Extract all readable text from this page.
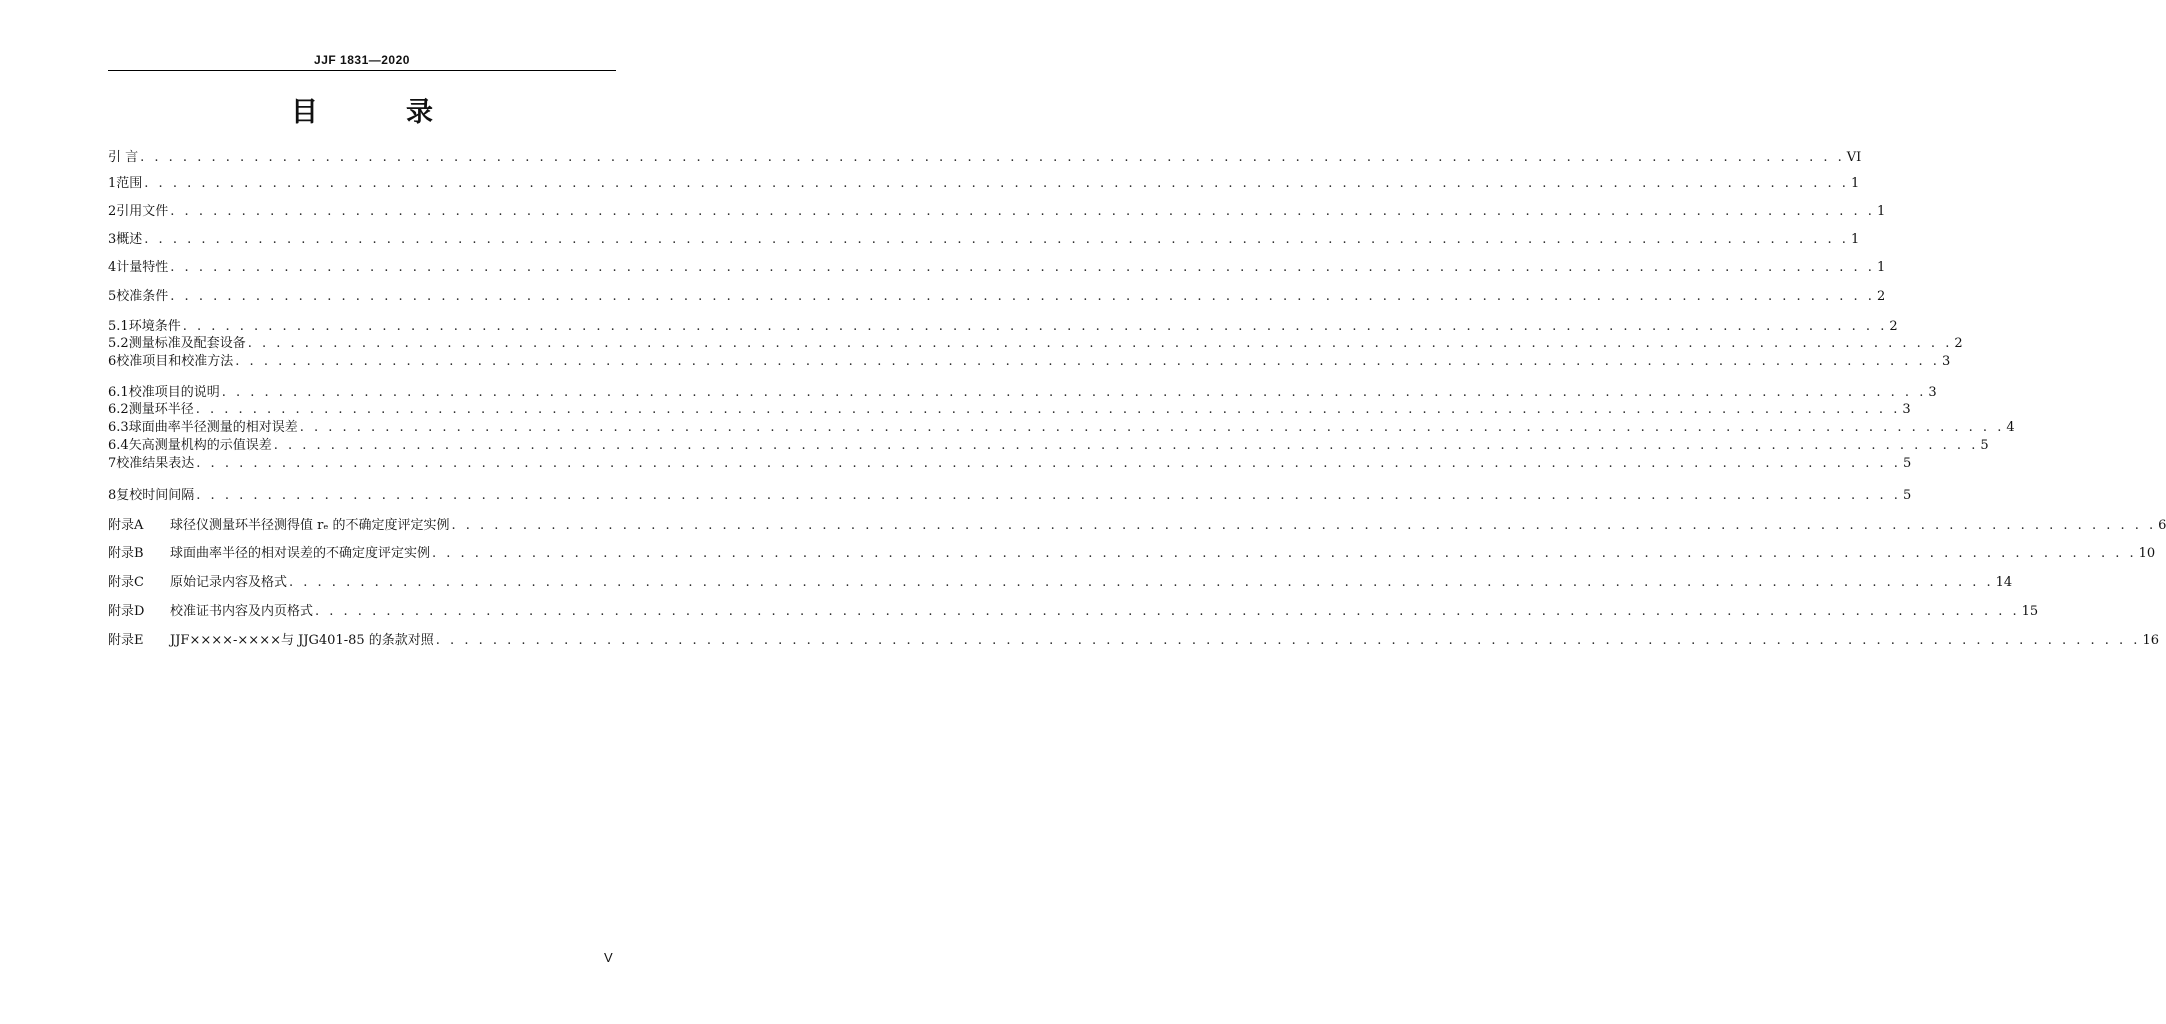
JJF 1831—2020
目	录
引 言 . . . . . . . . . . . . . . . . . . . . . . . . . . . . . . . . . . . . . . . . . . . . . . . . . . . . . . . . . . . . . . . . . . . . . . . . . . . . . . . . . . . . . . . . . . . . . . . . . . . . . . . . . . . . . . . . . . . . . . . . VI
1 范围 . . . . . . . . . . . . . . . . . . . . . . . . . . . . . . . . . . . . . . . . . . . . . . . . . . . . . . . . . . . . . . . . . . . . . . . . . . . . . . . . . . . . . . . . . . . . . . . . . . . . . . . . . . . . . . . . . . . . . . . . 1
2 引用文件 . . . . . . . . . . . . . . . . . . . . . . . . . . . . . . . . . . . . . . . . . . . . . . . . . . . . . . . . . . . . . . . . . . . . . . . . . . . . . . . . . . . . . . . . . . . . . . . . . . . . . . . . . . . . . . . . . . . . . . . . 1
3 概述 . . . . . . . . . . . . . . . . . . . . . . . . . . . . . . . . . . . . . . . . . . . . . . . . . . . . . . . . . . . . . . . . . . . . . . . . . . . . . . . . . . . . . . . . . . . . . . . . . . . . . . . . . . . . . . . . . . . . . . . . 1
4 计量特性 . . . . . . . . . . . . . . . . . . . . . . . . . . . . . . . . . . . . . . . . . . . . . . . . . . . . . . . . . . . . . . . . . . . . . . . . . . . . . . . . . . . . . . . . . . . . . . . . . . . . . . . . . . . . . . . . . . . . . . . . 1
5 校准条件 . . . . . . . . . . . . . . . . . . . . . . . . . . . . . . . . . . . . . . . . . . . . . . . . . . . . . . . . . . . . . . . . . . . . . . . . . . . . . . . . . . . . . . . . . . . . . . . . . . . . . . . . . . . . . . . . . . . . . . . . 2
5.1 环境条件 . . . . . . . . . . . . . . . . . . . . . . . . . . . . . . . . . . . . . . . . . . . . . . . . . . . . . . . . . . . . . . . . . . . . . . . . . . . . . . . . . . . . . . . . . . . . . . . . . . . . . . . . . . . . . . . . . . . . . . . . 2
5.2 测量标准及配套设备 . . . . . . . . . . . . . . . . . . . . . . . . . . . . . . . . . . . . . . . . . . . . . . . . . . . . . . . . . . . . . . . . . . . . . . . . . . . . . . . . . . . . . . . . . . . . . . . . . . . . . . . . . . . . . . . . . . . . . . . . 2
6 校准项目和校准方法 . . . . . . . . . . . . . . . . . . . . . . . . . . . . . . . . . . . . . . . . . . . . . . . . . . . . . . . . . . . . . . . . . . . . . . . . . . . . . . . . . . . . . . . . . . . . . . . . . . . . . . . . . . . . . . . . . . . . . . . . 3
6.1 校准项目的说明 . . . . . . . . . . . . . . . . . . . . . . . . . . . . . . . . . . . . . . . . . . . . . . . . . . . . . . . . . . . . . . . . . . . . . . . . . . . . . . . . . . . . . . . . . . . . . . . . . . . . . . . . . . . . . . . . . . . . . . . . 3
6.2 测量环半径 . . . . . . . . . . . . . . . . . . . . . . . . . . . . . . . . . . . . . . . . . . . . . . . . . . . . . . . . . . . . . . . . . . . . . . . . . . . . . . . . . . . . . . . . . . . . . . . . . . . . . . . . . . . . . . . . . . . . . . . . 3
6.3 球面曲率半径测量的相对误差 . . . . . . . . . . . . . . . . . . . . . . . . . . . . . . . . . . . . . . . . . . . . . . . . . . . . . . . . . . . . . . . . . . . . . . . . . . . . . . . . . . . . . . . . . . . . . . . . . . . . . . . . . . . . . . . . . . . . . . . . 4
6.4 矢高测量机构的示值误差 . . . . . . . . . . . . . . . . . . . . . . . . . . . . . . . . . . . . . . . . . . . . . . . . . . . . . . . . . . . . . . . . . . . . . . . . . . . . . . . . . . . . . . . . . . . . . . . . . . . . . . . . . . . . . . . . . . . . . . . . 5
7 校准结果表达 . . . . . . . . . . . . . . . . . . . . . . . . . . . . . . . . . . . . . . . . . . . . . . . . . . . . . . . . . . . . . . . . . . . . . . . . . . . . . . . . . . . . . . . . . . . . . . . . . . . . . . . . . . . . . . . . . . . . . . . . 5
8 复校时间间隔 . . . . . . . . . . . . . . . . . . . . . . . . . . . . . . . . . . . . . . . . . . . . . . . . . . . . . . . . . . . . . . . . . . . . . . . . . . . . . . . . . . . . . . . . . . . . . . . . . . . . . . . . . . . . . . . . . . . . . . . . 5
附录A	球径仪测量环半径测得值 rₑ 的不确定度评定实例 . . . . . . . . . . . . . . . . . . . . . . . . . . . . . . . . . . . . . . . . . . . . . . . . . . . . . . . . . . . . . . . . . . . . . . . . . . . . . . . . . . . . . . . . . . . . . . . . . . . . . . . . . . . . . . . . . . . . . . . . 6
附录B	球面曲率半径的相对误差的不确定度评定实例 . . . . . . . . . . . . . . . . . . . . . . . . . . . . . . . . . . . . . . . . . . . . . . . . . . . . . . . . . . . . . . . . . . . . . . . . . . . . . . . . . . . . . . . . . . . . . . . . . . . . . . . . . . . . . . . . . . . . . . . . 10
附录C	原始记录内容及格式 . . . . . . . . . . . . . . . . . . . . . . . . . . . . . . . . . . . . . . . . . . . . . . . . . . . . . . . . . . . . . . . . . . . . . . . . . . . . . . . . . . . . . . . . . . . . . . . . . . . . . . . . . . . . . . . . . . . . . . . . 14
附录D	校准证书内容及内页格式 . . . . . . . . . . . . . . . . . . . . . . . . . . . . . . . . . . . . . . . . . . . . . . . . . . . . . . . . . . . . . . . . . . . . . . . . . . . . . . . . . . . . . . . . . . . . . . . . . . . . . . . . . . . . . . . . . . . . . . . . 15
附录E	JJF××××-××××与 JJG401-85 的条款对照 . . . . . . . . . . . . . . . . . . . . . . . . . . . . . . . . . . . . . . . . . . . . . . . . . . . . . . . . . . . . . . . . . . . . . . . . . . . . . . . . . . . . . . . . . . . . . . . . . . . . . . . . . . . . . . . . . . . . . . . . 16
V
